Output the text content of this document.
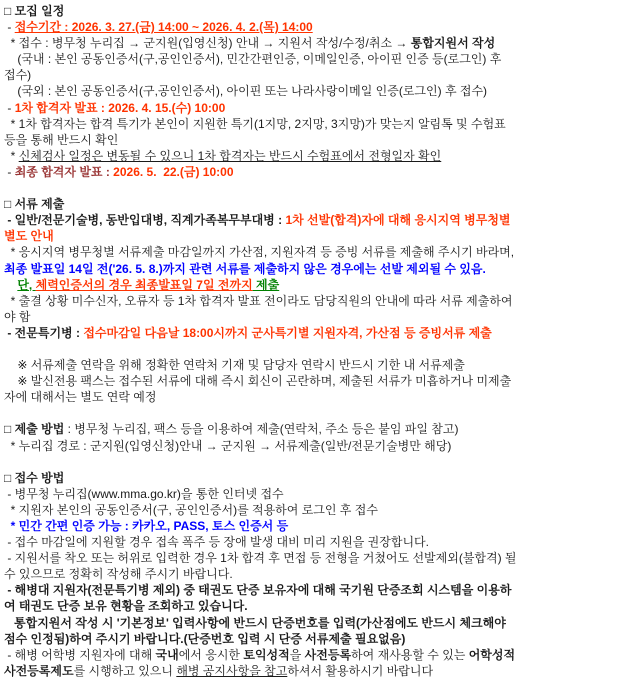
□ 모집 일정
- 접수기간 : 2026. 3. 27.(금) 14:00 ~ 2026. 4. 2.(목) 14:00
* 접수 : 병무청 누리집 → 군지원(입영신청) 안내 → 지원서 작성/수정/취소 → 통합지원서 작성
(국내 : 본인 공동인증서(구,공인인증서), 민간간편인증, 이메일인증, 아이핀 인증 등(로그인) 후
접수)
(국외 : 본인 공동인증서(구,공인인증서), 아이핀 또는 나라사랑이메일 인증(로그인) 후 접수)
- 1차 합격자 발표 : 2026. 4. 15.(수) 10:00
* 1차 합격자는 합격 특기가 본인이 지원한 특기(1지망, 2지망, 3지망)가 맞는지 알림톡 및 수험표
등을 통해 반드시 확인
* 신체검사 일정은 변동될 수 있으니 1차 합격자는 반드시 수험표에서 전형일자 확인
- 최종 합격자 발표 : 2026. 5.  22.(금) 10:00

□ 서류 제출
- 일반/전문기술병, 동반입대병, 직계가족복무부대병 : 1차 선발(합격)자에 대해 응시지역 병무청별
별도 안내
* 응시지역 병무청별 서류제출 마감일까지 가산점, 지원자격 등 증빙 서류를 제출해 주시기 바라며,
최종 발표일 14일 전('26. 5. 8.)까지 관련 서류를 제출하지 않은 경우에는 선발 제외될 수 있음.
단, 체력인증서의 경우 최종발표일 7일 전까지 제출
* 출결 상황 미수신자, 오류자 등 1차 합격자 발표 전이라도 담당직원의 안내에 따라 서류 제출하여
야 함
- 전문특기병 : 접수마감일 다음날 18:00시까지 군사특기별 지원자격, 가산점 등 증빙서류 제출

※ 서류제출 연락을 위해 정확한 연락처 기재 및 담당자 연락시 반드시 기한 내 서류제출
※ 발신전용 팩스는 접수된 서류에 대해 즉시 회신이 곤란하며, 제출된 서류가 미흡하거나 미제출
자에 대해서는 별도 연락 예정

□ 제출 방법 : 병무청 누리집, 팩스 등을 이용하여 제출(연락처, 주소 등은 붙임 파일 참고)
* 누리집 경로 : 군지원(입영신청)안내 → 군지원 → 서류제출(일반/전문기술병만 해당)

□ 접수 방법
- 병무청 누리집(www.mma.go.kr)을 통한 인터넷 접수
* 지원자 본인의 공동인증서(구, 공인인증서)를 적용하여 로그인 후 접수
* 민간 간편 인증 가능 : 카카오, PASS, 토스 인증서 등
- 접수 마감일에 지원할 경우 접속 폭주 등 장애 발생 대비 미리 지원을 권장합니다.
- 지원서를 착오 또는 허위로 입력한 경우 1차 합격 후 면접 등 전형을 거쳤어도 선발제외(불합격) 될
수 있으므로 정확히 작성해 주시기 바랍니다.
- 해병대 지원자(전문특기병 제외) 중 태권도 단증 보유자에 대해 국기원 단증조회 시스템을 이용하
여 태권도 단증 보유 현황을 조회하고 있습니다.
통합지원서 작성 시 '기본정보' 입력사항에 반드시 단증번호를 입력(가산점에도 반드시 체크해야
점수 인정됨)하여 주시기 바랍니다.(단증번호 입력 시 단증 서류제출 필요없음)
- 해병 어학병 지원자에 대해 국내에서 응시한 토익성적을 사전등록하여 재사용할 수 있는 어학성적
사전등록제도를 시행하고 있으니 해병 공지사항을 참고하셔서 활용하시기 바랍니다
